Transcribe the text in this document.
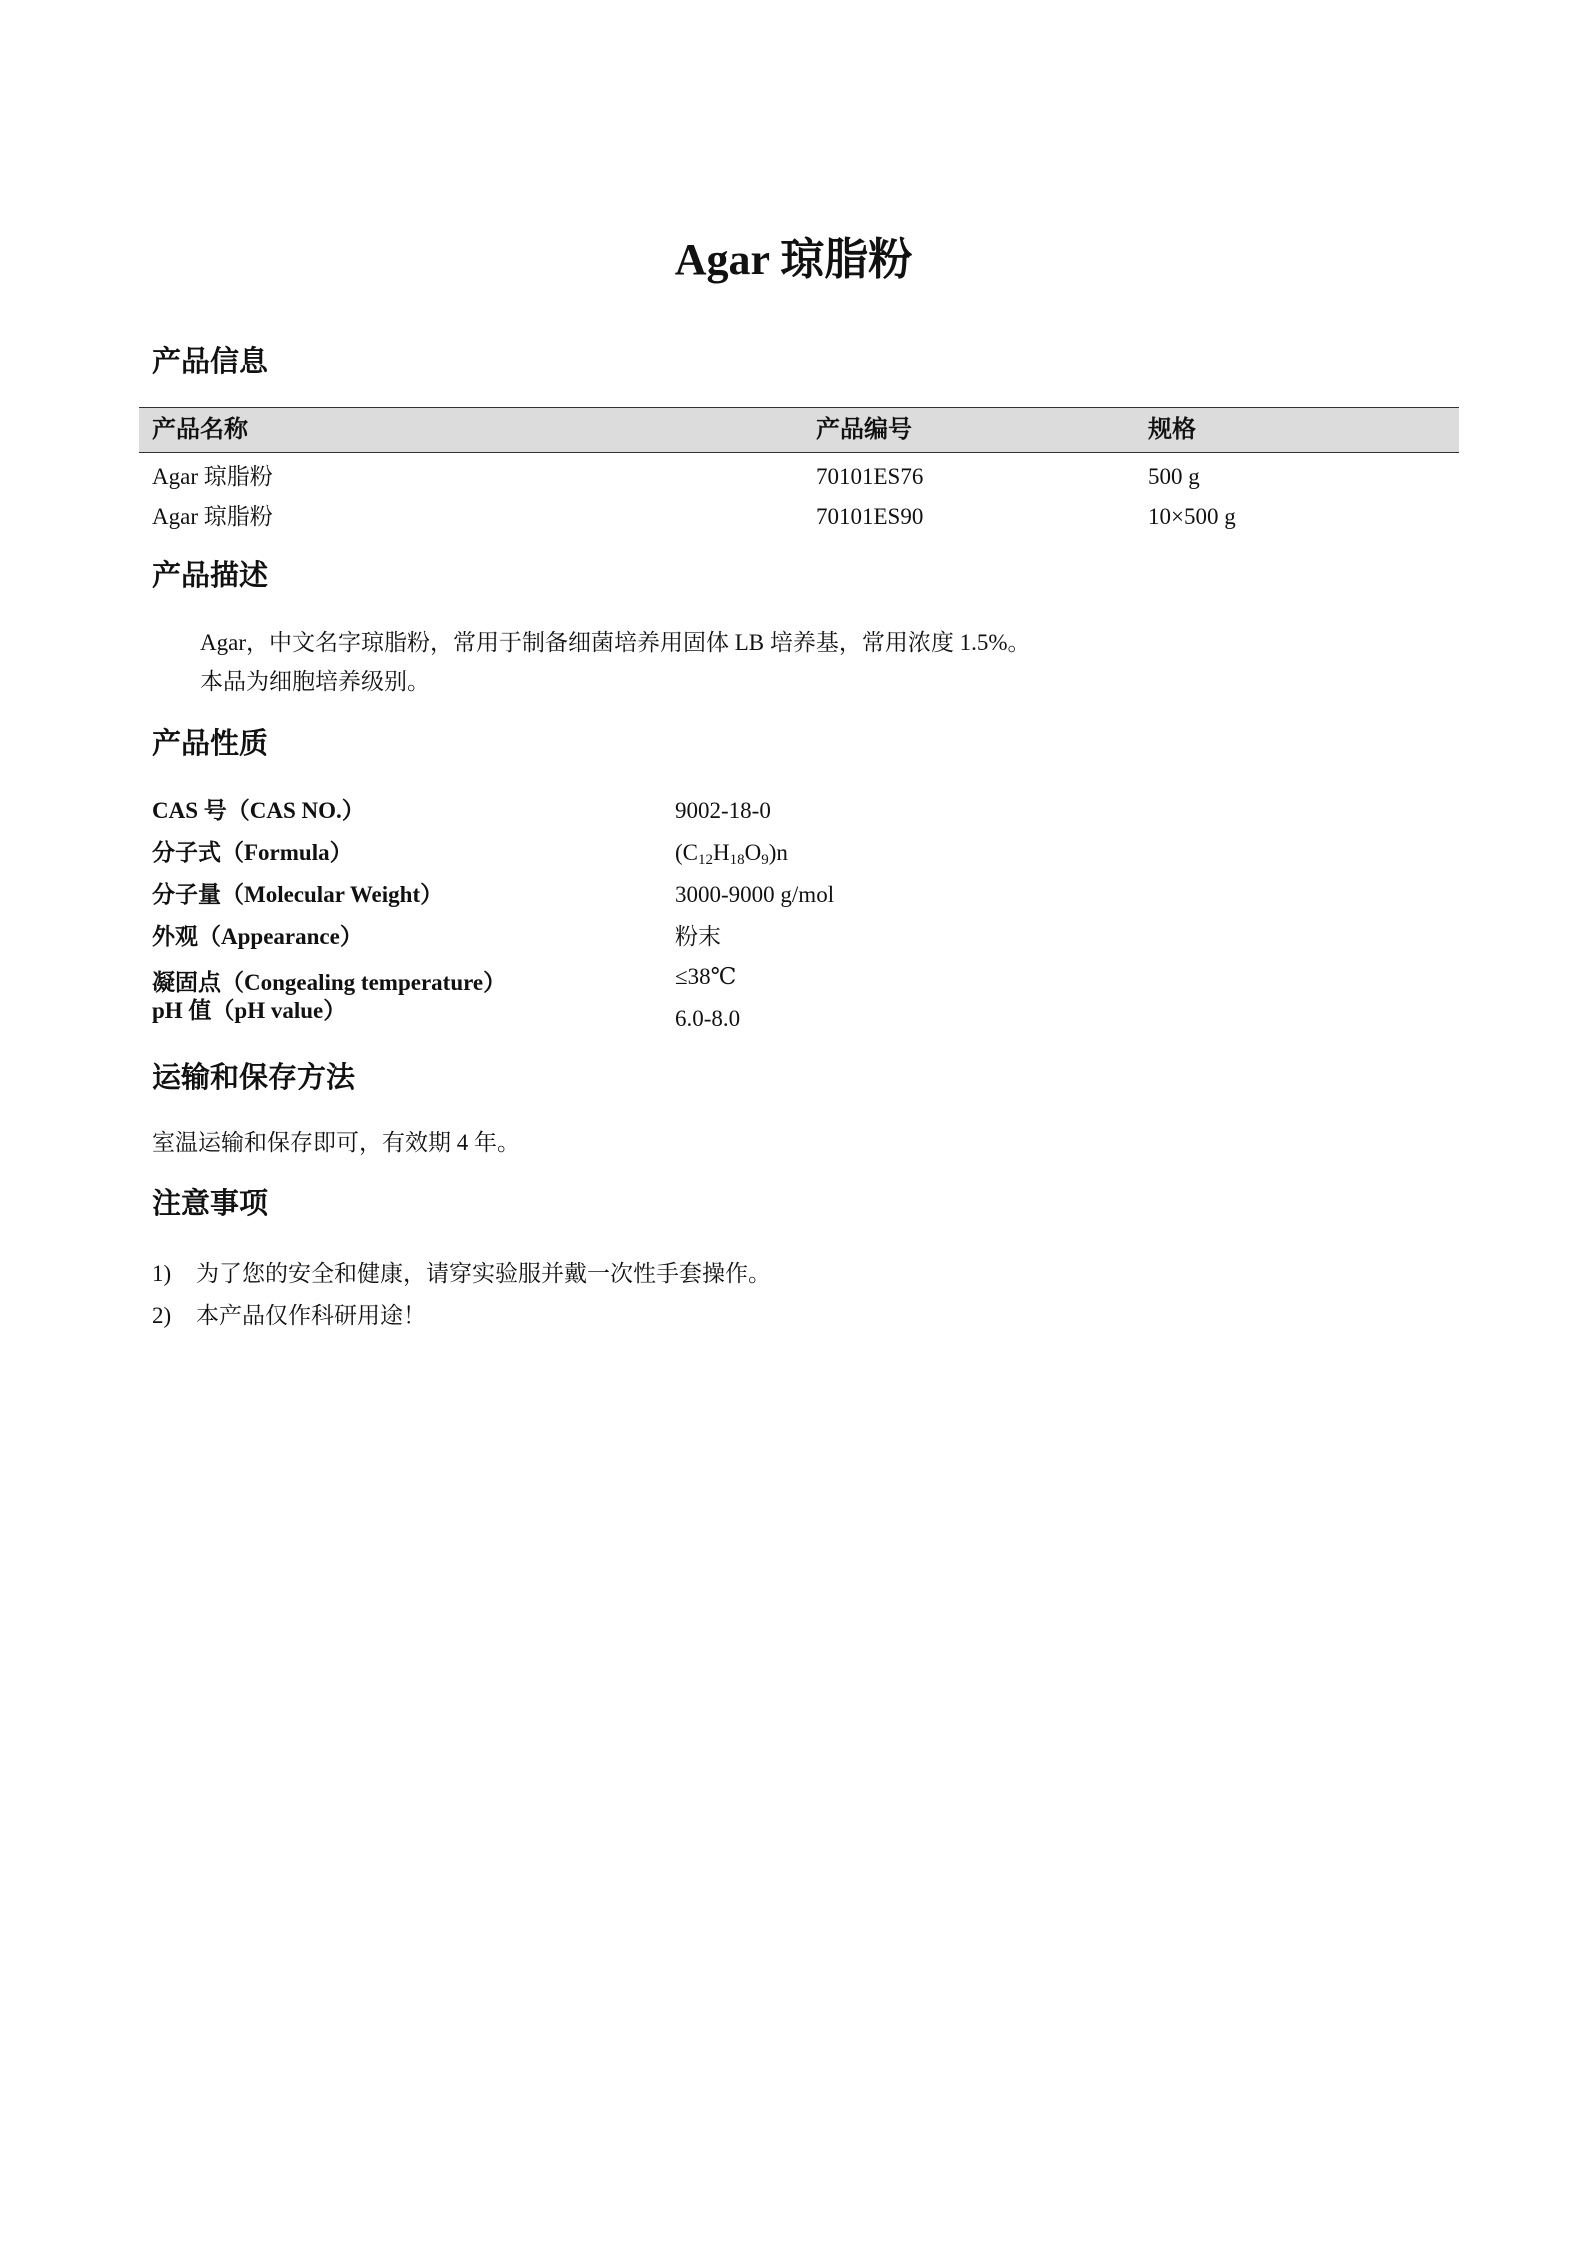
Agar 琼脂粉
产品信息
产品名称	产品编号	规格
Agar 琼脂粉	70101ES76	500 g
Agar 琼脂粉	70101ES90	10×500 g
产品描述

Agar，中文名字琼脂粉，常用于制备细菌培养用固体 LB 培养基，常用浓度 1.5%。

本品为细胞培养级别。

产品性质
CAS 号（CAS NO.）	9002-18-0
分子式（Formula）	$(C_{12}H_{18}O_9)n$
分子量（Molecular Weight）	3000-9000 g/mol
外观（Appearance）	粉末
凝固点（Congealing temperature）	≤38℃
pH 值（pH value）	6.0-8.0
运输和保存方法

室温运输和保存即可，有效期 4 年。

注意事项
1) 为了您的安全和健康，请穿实验服并戴一次性手套操作。
2) 本产品仅作科研用途！
